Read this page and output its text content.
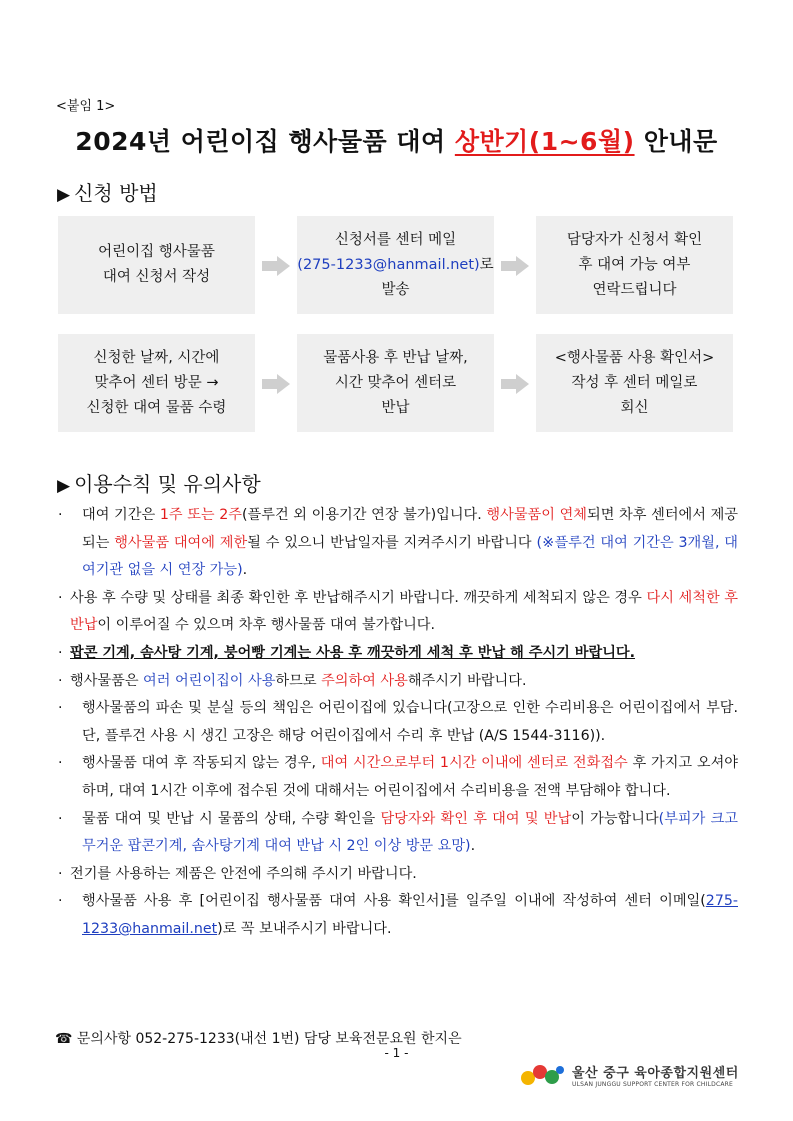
<붙임 1>
2024년 어린이집 행사물품 대여 상반기(1~6월) 안내문
▶ 신청 방법
어린이집 행사물품
대여 신청서 작성
신청서를 센터 메일
(275-1233@hanmail.net)로
발송
담당자가 신청서 확인
후 대여 가능 여부
연락드립니다
신청한 날짜, 시간에
맞추어 센터 방문 →
신청한 대여 물품 수령
물품사용 후 반납 날짜,
시간 맞추어 센터로
반납
<행사물품 사용 확인서>
작성 후 센터 메일로
회신
▶ 이용수칙 및 유의사항
·	대여 기간은 1주 또는 2주(플루건 외 이용기간 연장 불가)입니다. 행사물품이 연체되면 차후 센터에서 제공되는 행사물품 대여에 제한될 수 있으니 반납일자를 지켜주시기 바랍니다 (※플루건 대여 기간은 3개월, 대여기관 없을 시 연장 가능).
· 사용 후 수량 및 상태를 최종 확인한 후 반납해주시기 바랍니다. 깨끗하게 세척되지 않은 경우 다시 세척한 후 반납이 이루어질 수 있으며 차후 행사물품 대여 불가합니다.
· 팝콘 기계, 솜사탕 기계, 붕어빵 기계는 사용 후 깨끗하게 세척 후 반납 해 주시기 바랍니다.
· 행사물품은 여러 어린이집이 사용하므로 주의하여 사용해주시기 바랍니다.
·	행사물품의 파손 및 분실 등의 책임은 어린이집에 있습니다(고장으로 인한 수리비용은 어린이집에서 부담. 단, 플루건 사용 시 생긴 고장은 해당 어린이집에서 수리 후 반납 (A/S 1544-3116)).
·	행사물품 대여 후 작동되지 않는 경우, 대여 시간으로부터 1시간 이내에 센터로 전화접수 후 가지고 오셔야 하며, 대여 1시간 이후에 접수된 것에 대해서는 어린이집에서 수리비용을 전액 부담해야 합니다.
·	물품 대여 및 반납 시 물품의 상태, 수량 확인을 담당자와 확인 후 대여 및 반납이 가능합니다(부피가 크고 무거운 팝콘기계, 솜사탕기계 대여 반납 시 2인 이상 방문 요망).
· 전기를 사용하는 제품은 안전에 주의해 주시기 바랍니다.
·	행사물품 사용 후 [어린이집 행사물품 대여 사용 확인서]를 일주일 이내에 작성하여 센터 이메일(275-1233@hanmail.net)로 꼭 보내주시기 바랍니다.
☎ 문의사항 052-275-1233(내선 1번) 담당 보육전문요원 한지은
- 1 -
울산 중구 육아종합지원센터
ULSAN JUNGGU SUPPORT CENTER FOR CHILDCARE
